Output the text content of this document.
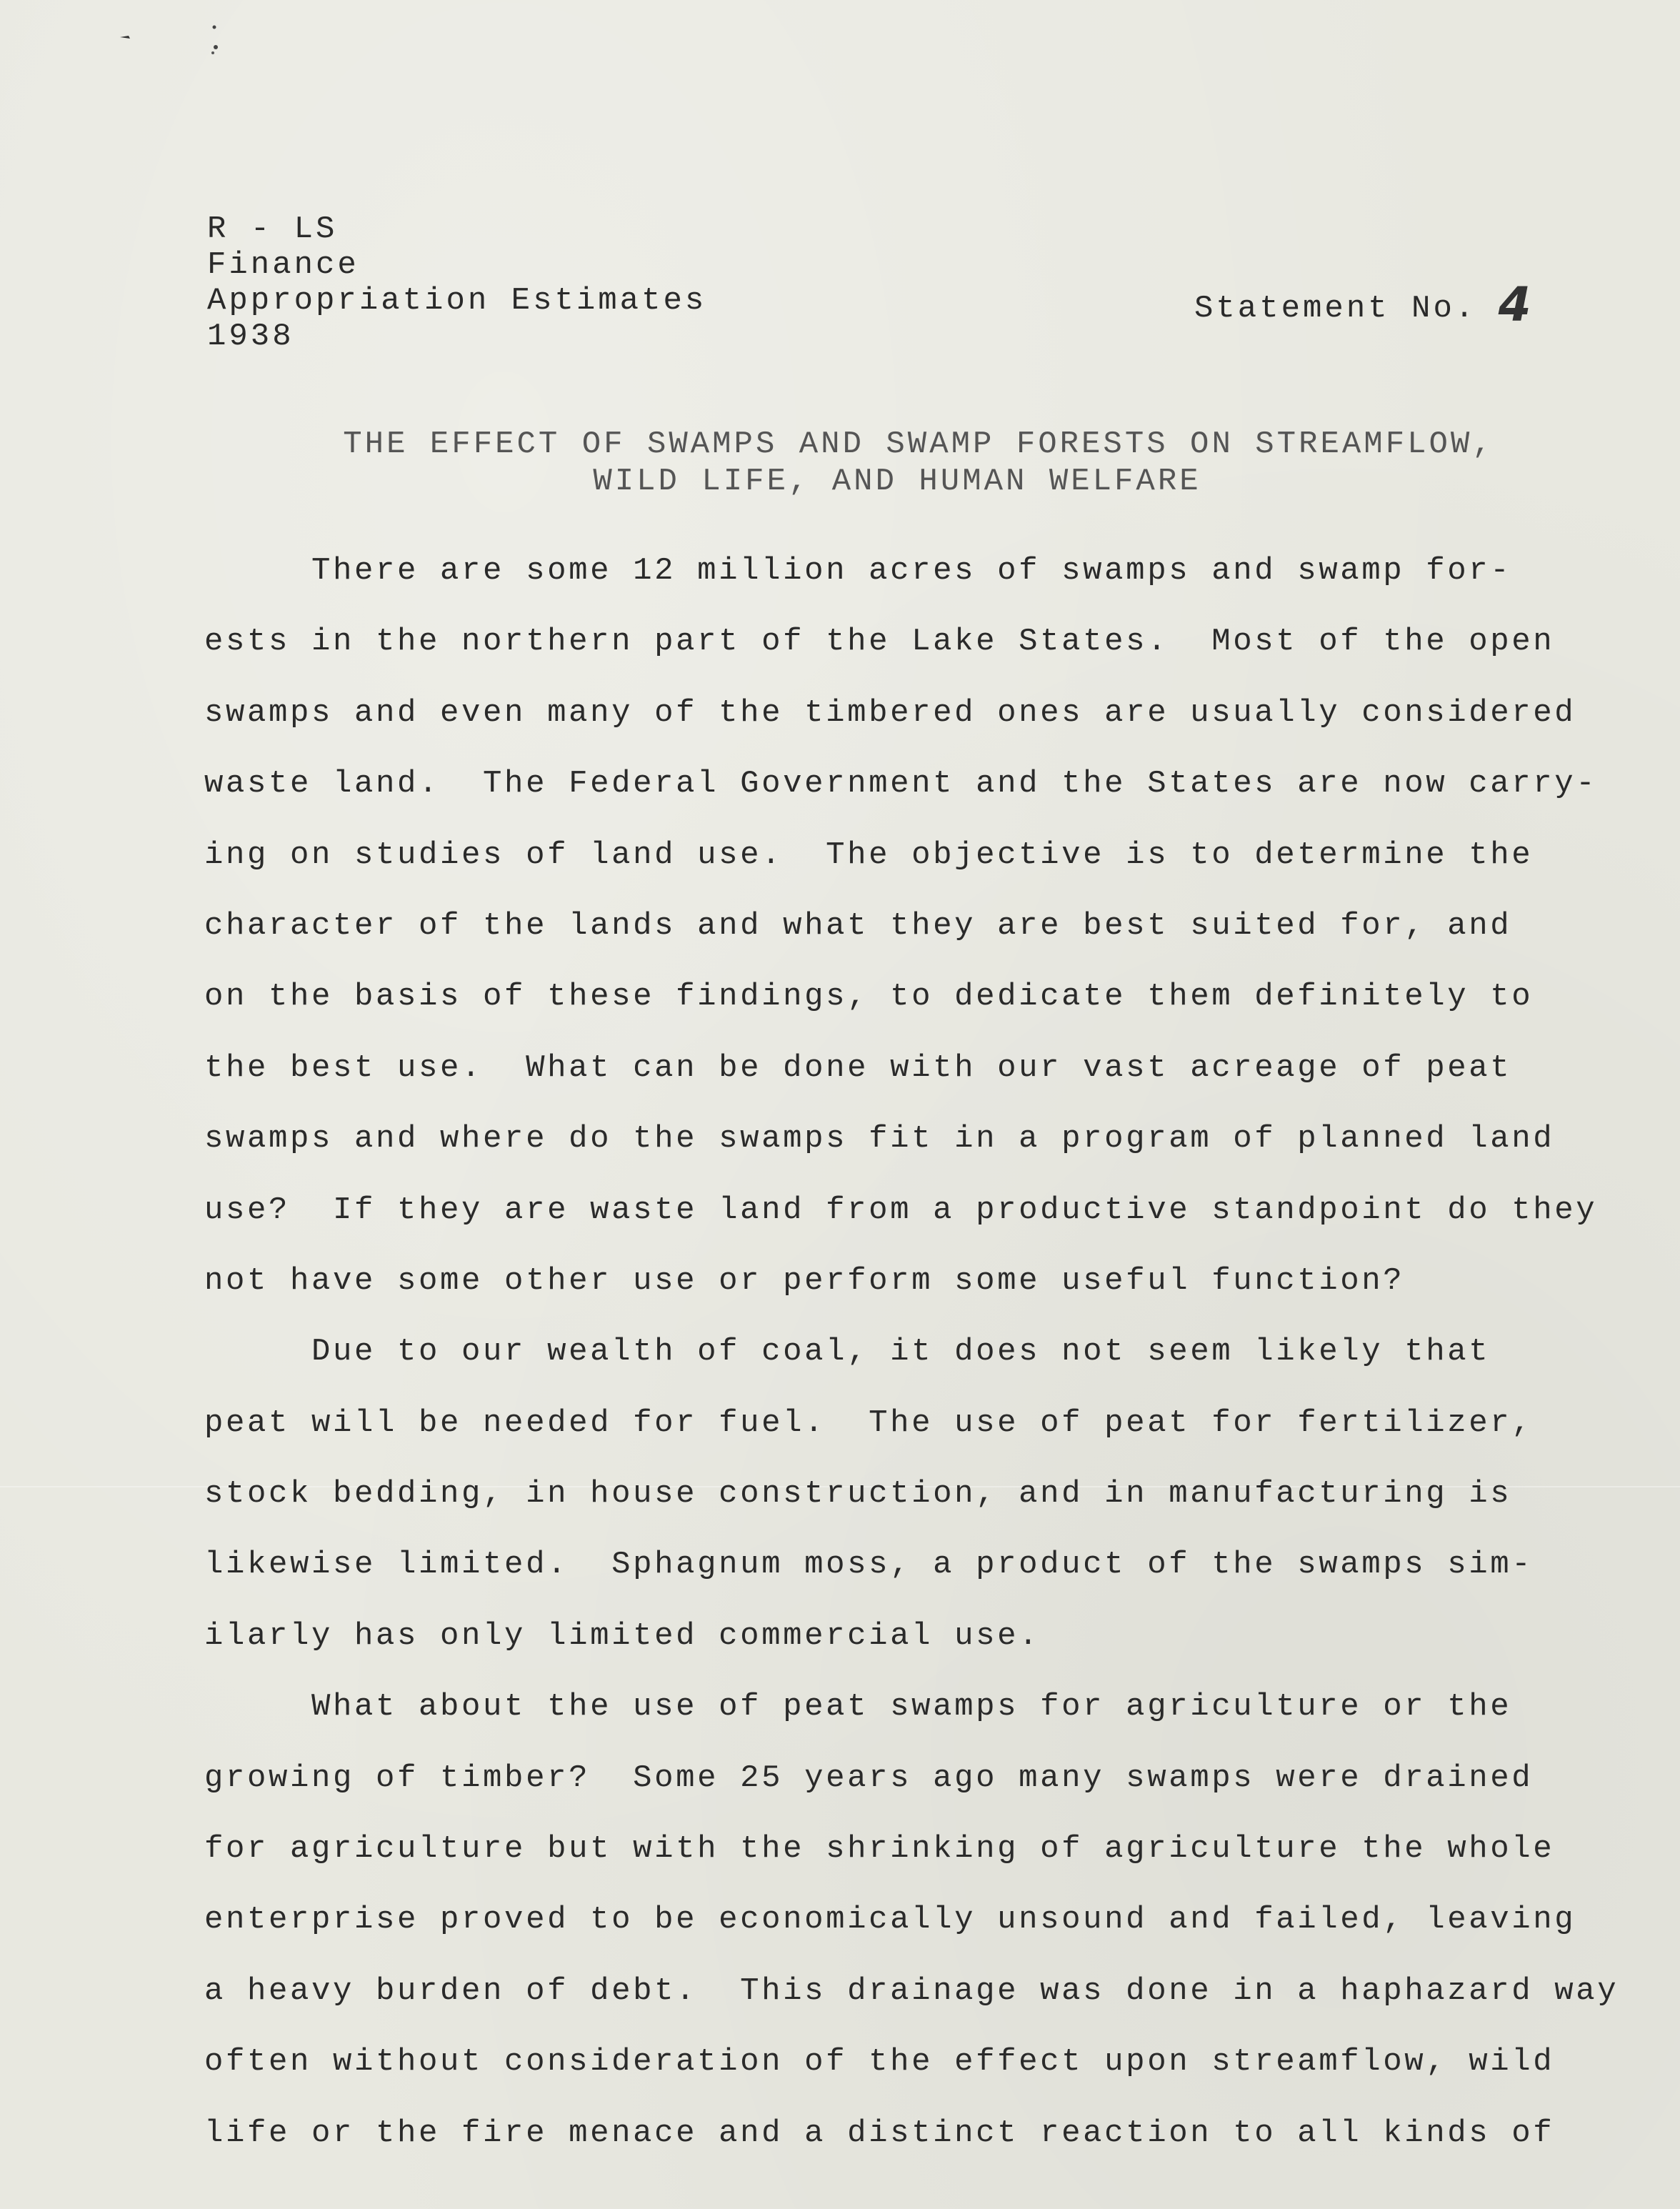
R - LS
Finance
Appropriation Estimates
1938
Statement No. 4
THE EFFECT OF SWAMPS AND SWAMP FORESTS ON STREAMFLOW,
WILD LIFE, AND HUMAN WELFARE
There are some 12 million acres of swamps and swamp for-
ests in the northern part of the Lake States.  Most of the open
swamps and even many of the timbered ones are usually considered
waste land.  The Federal Government and the States are now carry-
ing on studies of land use.  The objective is to determine the
character of the lands and what they are best suited for, and
on the basis of these findings, to dedicate them definitely to
the best use.  What can be done with our vast acreage of peat
swamps and where do the swamps fit in a program of planned land
use?  If they are waste land from a productive standpoint do they
not have some other use or perform some useful function?
Due to our wealth of coal, it does not seem likely that
peat will be needed for fuel.  The use of peat for fertilizer,
stock bedding, in house construction, and in manufacturing is
likewise limited.  Sphagnum moss, a product of the swamps sim-
ilarly has only limited commercial use.
What about the use of peat swamps for agriculture or the
growing of timber?  Some 25 years ago many swamps were drained
for agriculture but with the shrinking of agriculture the whole
enterprise proved to be economically unsound and failed, leaving
a heavy burden of debt.  This drainage was done in a haphazard way
often without consideration of the effect upon streamflow, wild
life or the fire menace and a distinct reaction to all kinds of
